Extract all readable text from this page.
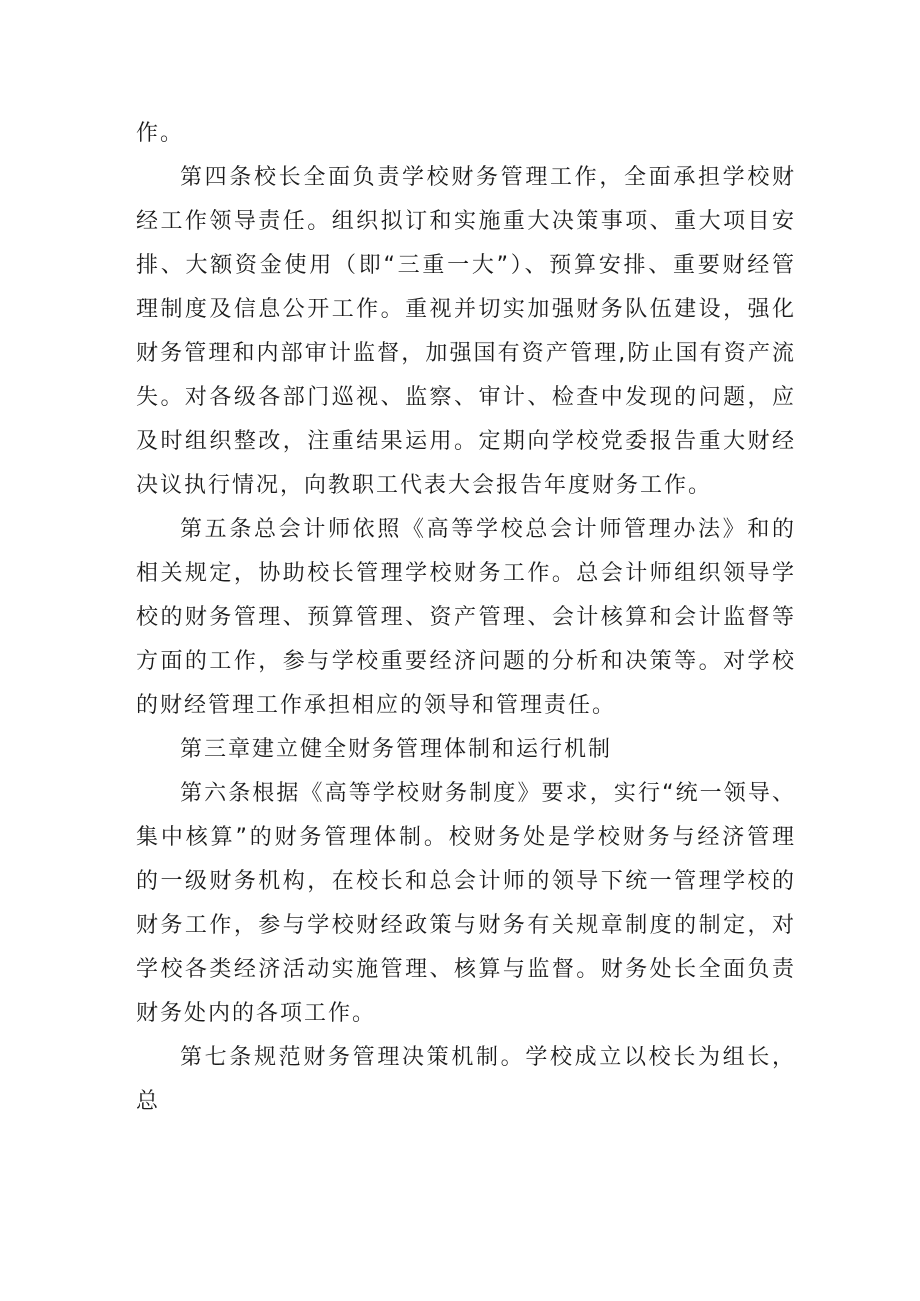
作。

第四条校长全面负责学校财务管理工作，全面承担学校财经工作领导责任。组织拟订和实施重大决策事项、重大项目安排、大额资金使用（即“三重一大”）、预算安排、重要财经管理制度及信息公开工作。重视并切实加强财务队伍建设，强化财务管理和内部审计监督，加强国有资产管理,防止国有资产流失。对各级各部门巡视、监察、审计、检查中发现的问题，应及时组织整改，注重结果运用。定期向学校党委报告重大财经决议执行情况，向教职工代表大会报告年度财务工作。

第五条总会计师依照《高等学校总会计师管理办法》和的相关规定，协助校长管理学校财务工作。总会计师组织领导学校的财务管理、预算管理、资产管理、会计核算和会计监督等方面的工作，参与学校重要经济问题的分析和决策等。对学校的财经管理工作承担相应的领导和管理责任。

第三章建立健全财务管理体制和运行机制

第六条根据《高等学校财务制度》要求，实行“统一领导、集中核算”的财务管理体制。校财务处是学校财务与经济管理的一级财务机构，在校长和总会计师的领导下统一管理学校的财务工作，参与学校财经政策与财务有关规章制度的制定，对学校各类经济活动实施管理、核算与监督。财务处长全面负责财务处内的各项工作。

第七条规范财务管理决策机制。学校成立以校长为组长，总
